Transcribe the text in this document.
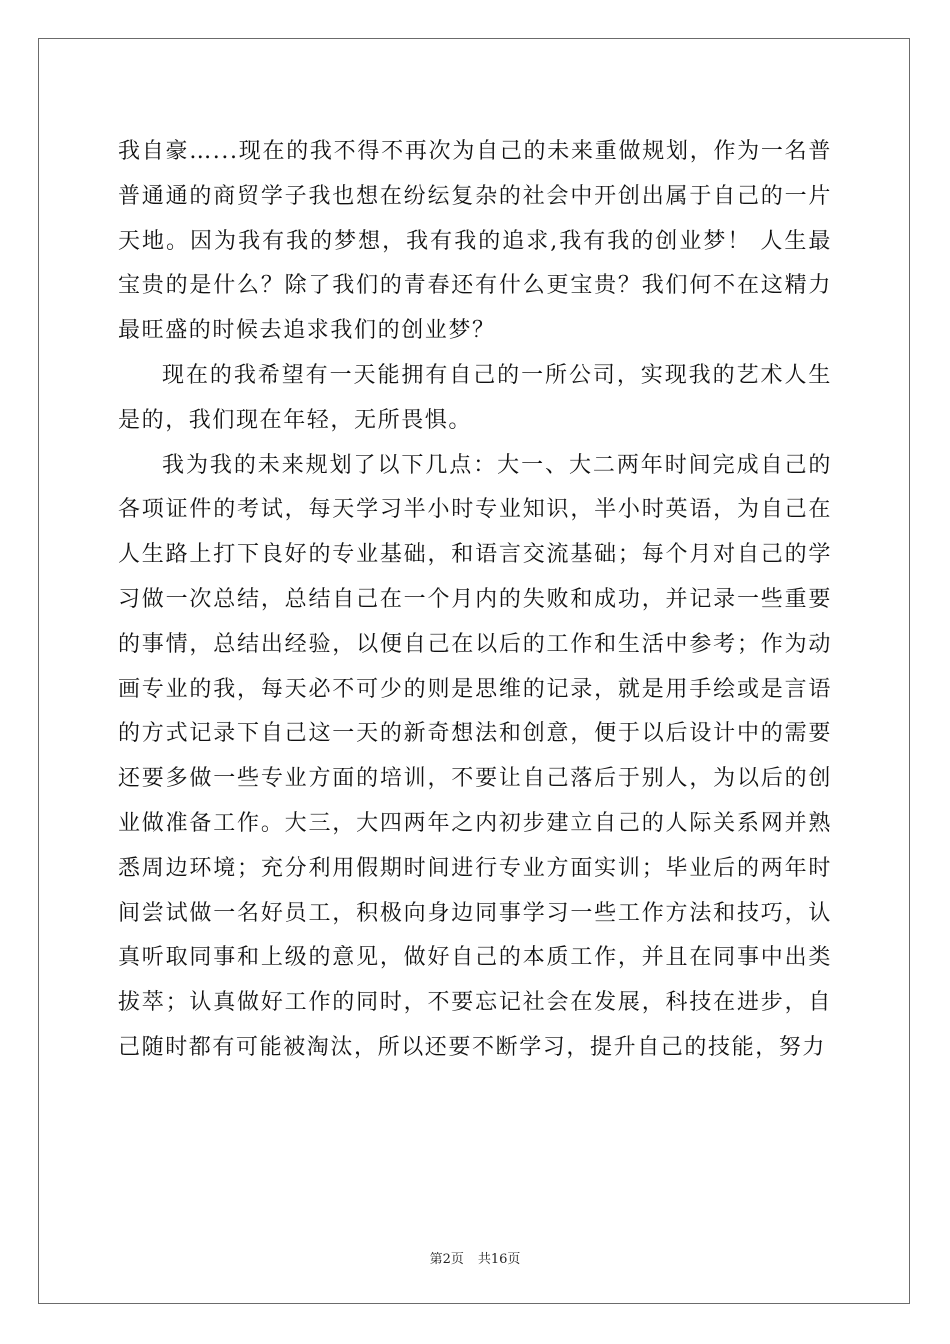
我自豪…...现在的我不得不再次为自己的未来重做规划，作为一名普普通通的商贸学子我也想在纷纭复杂的社会中开创出属于自己的一片天地。因为我有我的梦想，我有我的追求,我有我的创业梦！ 人生最宝贵的是什么？除了我们的青春还有什么更宝贵？我们何不在这精力最旺盛的时候去追求我们的创业梦？

现在的我希望有一天能拥有自己的一所公司，实现我的艺术人生是的，我们现在年轻，无所畏惧。

我为我的未来规划了以下几点：大一、大二两年时间完成自己的各项证件的考试，每天学习半小时专业知识，半小时英语，为自己在人生路上打下良好的专业基础，和语言交流基础；每个月对自己的学习做一次总结，总结自己在一个月内的失败和成功，并记录一些重要的事情，总结出经验，以便自己在以后的工作和生活中参考；作为动画专业的我，每天必不可少的则是思维的记录，就是用手绘或是言语的方式记录下自己这一天的新奇想法和创意，便于以后设计中的需要还要多做一些专业方面的培训，不要让自己落后于别人，为以后的创业做准备工作。大三，大四两年之内初步建立自己的人际关系网并熟悉周边环境；充分利用假期时间进行专业方面实训；毕业后的两年时间尝试做一名好员工，积极向身边同事学习一些工作方法和技巧，认真听取同事和上级的意见，做好自己的本质工作，并且在同事中出类拔萃；认真做好工作的同时，不要忘记社会在发展，科技在进步，自己随时都有可能被淘汰，所以还要不断学习，提升自己的技能，努力

第2页 共16页
